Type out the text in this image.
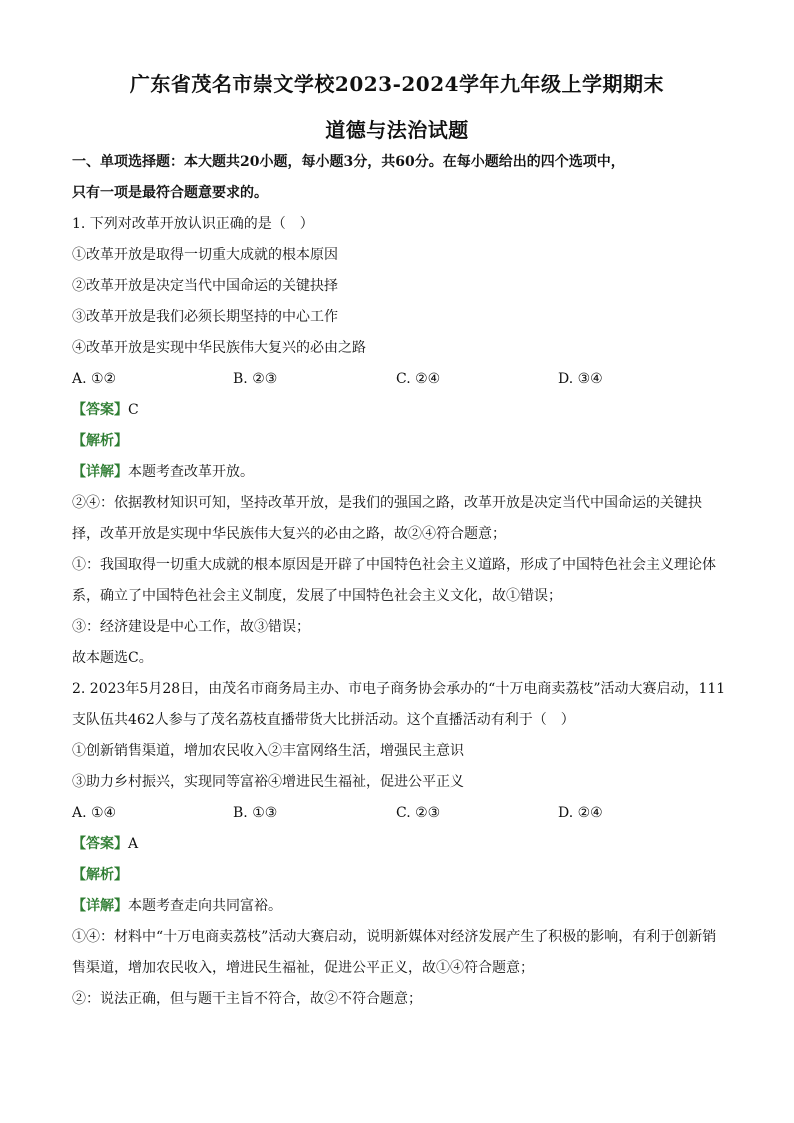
广东省茂名市崇文学校2023-2024学年九年级上学期期末
道德与法治试题
一、单项选择题：本大题共20小题，每小题3分，共60分。在每小题给出的四个选项中，
只有一项是最符合题意要求的。
1. 下列对改革开放认识正确的是（　）
①改革开放是取得一切重大成就的根本原因
②改革开放是决定当代中国命运的关键抉择
③改革开放是我们必须长期坚持的中心工作
④改革开放是实现中华民族伟大复兴的必由之路
A. ①②	B. ②③	C. ②④	D. ③④
【答案】C
【解析】
【详解】本题考查改革开放。
②④：依据教材知识可知，坚持改革开放，是我们的强国之路，改革开放是决定当代中国命运的关键抉
择，改革开放是实现中华民族伟大复兴的必由之路，故②④符合题意；
①：我国取得一切重大成就的根本原因是开辟了中国特色社会主义道路，形成了中国特色社会主义理论体
系，确立了中国特色社会主义制度，发展了中国特色社会主义文化，故①错误；
③：经济建设是中心工作，故③错误；
故本题选C。
2. 2023年5月28日，由茂名市商务局主办、市电子商务协会承办的“十万电商卖荔枝”活动大赛启动，111
支队伍共462人参与了茂名荔枝直播带货大比拼活动。这个直播活动有利于（　）
①创新销售渠道，增加农民收入②丰富网络生活，增强民主意识
③助力乡村振兴，实现同等富裕④增进民生福祉，促进公平正义
A. ①④	B. ①③	C. ②③	D. ②④
【答案】A
【解析】
【详解】本题考查走向共同富裕。
①④：材料中“十万电商卖荔枝”活动大赛启动，说明新媒体对经济发展产生了积极的影响，有利于创新销
售渠道，增加农民收入，增进民生福祉，促进公平正义，故①④符合题意；
②：说法正确，但与题干主旨不符合，故②不符合题意；
